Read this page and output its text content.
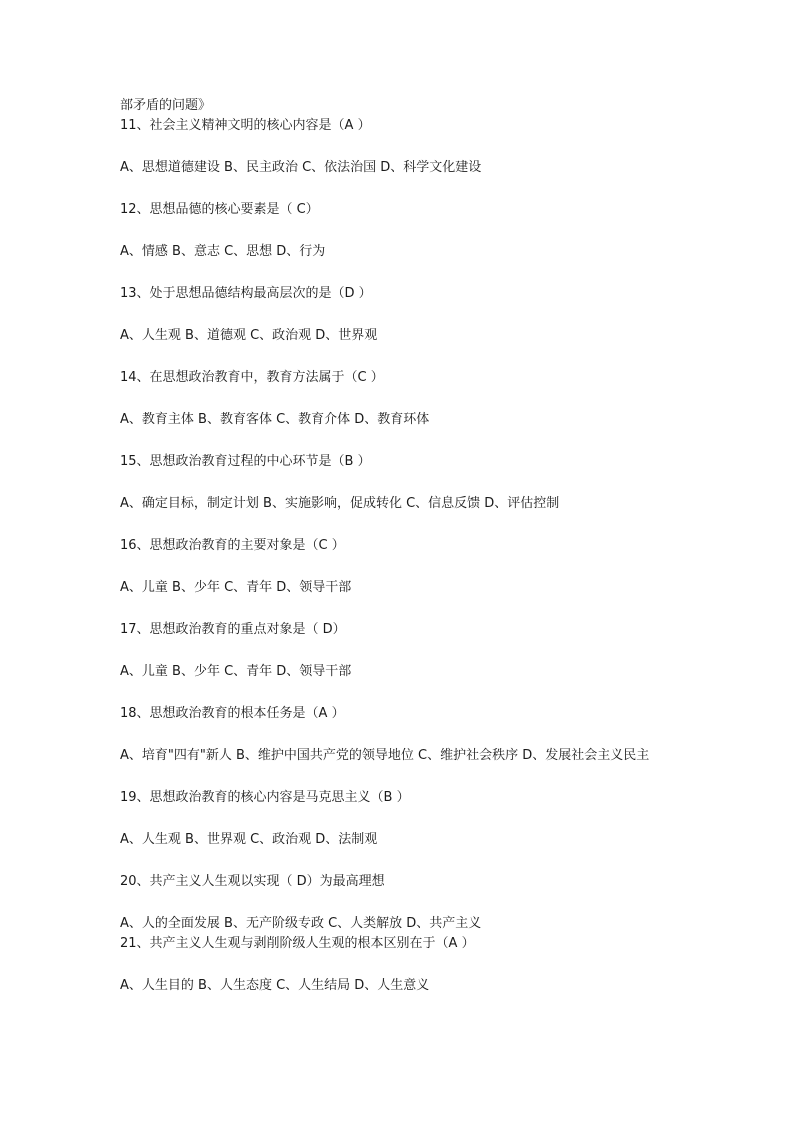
部矛盾的问题》

11、社会主义精神文明的核心内容是（A ）

A、思想道德建设 B、民主政治 C、依法治国 D、科学文化建设

12、思想品德的核心要素是（ C）

A、情感 B、意志 C、思想 D、行为

13、处于思想品德结构最高层次的是（D ）

A、人生观 B、道德观 C、政治观 D、世界观

14、在思想政治教育中，教育方法属于（C ）

A、教育主体 B、教育客体 C、教育介体 D、教育环体

15、思想政治教育过程的中心环节是（B ）

A、确定目标，制定计划 B、实施影响，促成转化 C、信息反馈 D、评估控制

16、思想政治教育的主要对象是（C ）

A、儿童 B、少年 C、青年 D、领导干部

17、思想政治教育的重点对象是（ D）

A、儿童 B、少年 C、青年 D、领导干部

18、思想政治教育的根本任务是（A ）

A、培育"四有"新人 B、维护中国共产党的领导地位 C、维护社会秩序 D、发展社会主义民主

19、思想政治教育的核心内容是马克思主义（B ）

A、人生观 B、世界观 C、政治观 D、法制观

20、共产主义人生观以实现（ D）为最高理想

A、人的全面发展 B、无产阶级专政 C、人类解放 D、共产主义

21、共产主义人生观与剥削阶级人生观的根本区别在于（A ）

A、人生目的 B、人生态度 C、人生结局 D、人生意义
